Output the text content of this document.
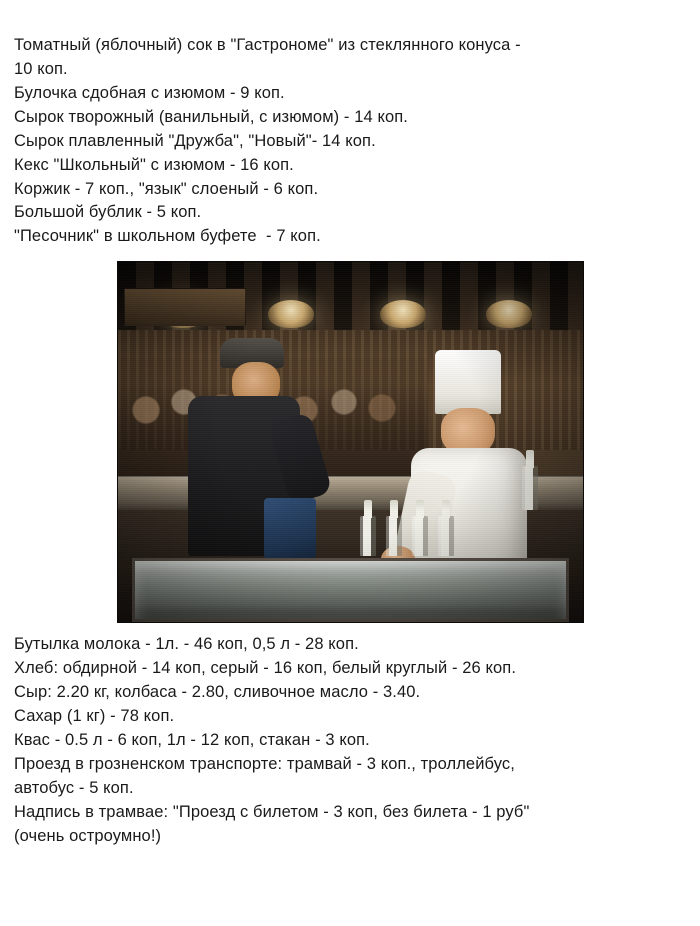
Томатный (яблочный) сок в "Гастрономе" из стеклянного конуса -
10 коп.
Булочка сдобная с изюмом - 9 коп.
Сырок творожный (ванильный, с изюмом) - 14 коп.
Сырок плавленный "Дружба", "Новый"- 14 коп.
Кекс "Школьный" с изюмом - 16 коп.
Коржик - 7 коп., "язык" слоеный - 6 коп.
Большой бублик - 5 коп.
"Песочник" в школьном буфете  - 7 коп.
Бутылка молока - 1л. - 46 коп, 0,5 л - 28 коп.
Хлеб: обдирной - 14 коп, серый - 16 коп, белый круглый - 26 коп.
Сыр: 2.20 кг, колбаса - 2.80, сливочное масло - 3.40.
Сахар (1 кг) - 78 коп.
Квас - 0.5 л - 6 коп, 1л - 12 коп, стакан - 3 коп.
Проезд в грозненском транспорте: трамвай - 3 коп., троллейбус,
автобус - 5 коп.
Надпись в трамвае: "Проезд с билетом - 3 коп, без билета - 1 руб"
(очень остроумно!)
